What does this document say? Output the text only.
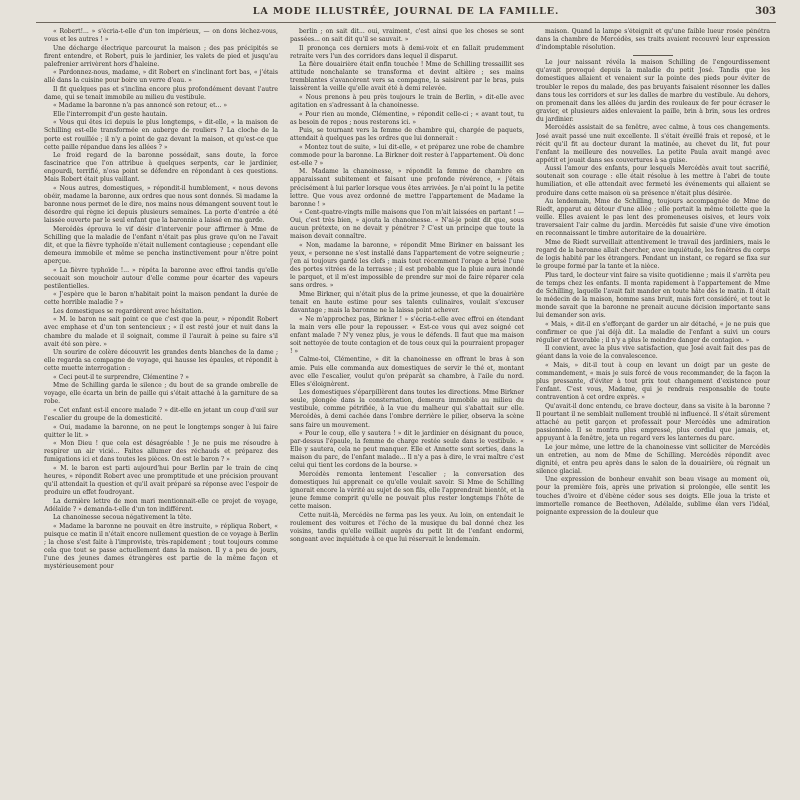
LA MODE ILLUSTRÉE, JOURNAL DE LA FAMILLE.	303

« Robert!... » s'écria-t-elle d'un ton impérieux, — on dons léchez-vous, vous et les autres ! »

Une décharge électrique parcourut la maison ; des pas précipités se firent entendre, et Robert, puis le jardinier, les valets de pied et jusqu'au palefrenier arrivèrent hors d'haleine.

« Pardonnez-nous, madame, » dit Robert en s'inclinant fort bas, « j'étais allé dans la cuisine pour boire un verre d'eau. »

Il fit quelques pas et s'inclina encore plus profondément devant l'autre dame, qui se tenait immobile au milieu du vestibule.

« Madame la baronne n'a pas annoncé son retour, et... »

Elle l'interrompit d'un geste hautain.

« Vous qui êtes ici depuis le plus longtemps, » dit-elle, « la maison de Schilling est-elle transformée en auberge de rouliers ? La cloche de la porte est rouillée ; il n'y a point de gaz devant la maison, et qu'est-ce que cette paille répandue dans les allées ? »

Le froid regard de la baronne possédait, sans doute, la force fascinatrice que l'on attribue à quelques serpents, car le jardinier, engourdi, terrifié, n'osa point se défendre en répondant à ces questions. Mais Robert était plus vaillant.

« Nous autres, domestiques, » répondit-il humblement, « nous devons obéir, madame la baronne, aux ordres que nous sont donnés. Si madame la baronne nous permet de le dire, nos mains nous démangent souvent tout le désordre qui règne ici depuis plusieurs semaines. La porte d'entrée a été laissée ouverte par le seul enfant que la baronnie a laissé en ma garde.

Mercédès éprouva le vif désir d'intervenir pour affirmer à Mme de Schilling que la maladie de l'enfant n'était pas plus grave qu'on ne l'avait dit, et que la fièvre typhoïde n'était nullement contagieuse ; cependant elle demeura immobile et même se pencha instinctivement pour n'être point aperçue.

« La fièvre typhoïde !... » répéta la baronne avec effroi tandis qu'elle secouait son mouchoir autour d'elle comme pour écarter des vapeurs pestilentielles.

« J'espère que le baron n'habitait point la maison pendant la durée de cette horrible maladie ? »

Les domestiques se regardèrent avec hésitation.

« M. le baron ne sait point ce que c'est que la peur, » répondit Robert avec emphase et d'un ton sentencieux ; « il est resté jour et nuit dans la chambre du malade et il soignait, comme il l'aurait à peine su faire s'il avait été son père. »

Un sourire de colère découvrit les grandes dents blanches de la dame ; elle regarda sa compagne de voyage, qui hausse les épaules, et répondit à cette muette interrogation :

« Ceci peut-il te surprendre, Clémentine ? »

Mme de Schilling garda le silence ; du bout de sa grande ombrelle de voyage, elle écarta un brin de paille qui s'était attaché à la garniture de sa robe.

« Cet enfant est-il encore malade ? » dit-elle en jetant un coup d'œil sur l'escalier du groupe de la domesticité.

« Oui, madame la baronne, on ne peut le longtemps songer à lui faire quitter le lit. »

« Mon Dieu ! que cela est désagréable ! Je ne puis me résoudre à respirer un air vicié... Faites allumer des réchauds et préparez des fumigations ici et dans toutes les pièces. On est le baron ? »

« M. le baron est parti aujourd'hui pour Berlin par le train de cinq heures, » répondit Robert avec une promptitude et une précision prouvant qu'il attendait la question et qu'il avait préparé sa réponse avec l'espoir de produire un effet foudroyant.

La dernière lettre de mon mari mentionnait-elle ce projet de voyage, Adélaïde ? » demanda-t-elle d'un ton indifférent.

La chanoinesse secoua négativement la tête.

« Madame la baronne ne pouvait en être instruite, » répliqua Robert, « puisque ce matin il n'était encore nullement question de ce voyage à Berlin ; la chose s'est faite à l'improviste, très-rapidement ; tout toujours comme cela que tout se passe actuellement dans la maison. Il y a peu de jours, l'une des jeunes dames étrangères est partie de la même façon et mystérieusement pour

berlin ; on sait dit... oui, vraiment, c'est ainsi que les choses se sont passées... on sait dit qu'il se sauvait. »

Il prononça ces derniers mots à demi-voix et en fallait prudemment retraite vers l'un des corridors dans lequel il disparut.

La fière douairière était enfin touchée ! Mme de Schilling tressaillit ses attitude nonchalante se transforma et devint altière ; ses mains tremblantes s'avancèrent vers sa compagne, la saisirent par le bras, puis laissèrent la veille qu'elle avait été à demi relevée.

« Nous prenons à peu près toujours le train de Berlin, » dit-elle avec agitation en s'adressant à la chanoinesse.

« Pour rien au monde, Clémentine, » répondit celle-ci ; « avant tout, tu as besoin de repos ; nous resterons ici. »

Puis, se tournant vers la femme de chambre qui, chargée de paquets, attendait à quelques pas les ordres que lui donnerait :

« Montez tout de suite, » lui dit-elle, « et préparez une robe de chambre commode pour la baronne. La Birkner doit rester à l'appartement. Où donc est-elle ? »

M. Madame la chanoinesse, » répondit la femme de chambre en apparaissant subitement et faisant une profonde révérence, « j'étais précisément à lui parler lorsque vous êtes arrivées. Je n'ai point lu la petite lettre. Que vous avez ordonné de mettre l'appartement de Madame la baronne ! »

« Cent-quatre-vingts mille maisons que l'on m'ait laissées en partant ! — Oui, c'est très bien, » ajouta la chanoinesse. « N'ai-je point dit que, sous aucun prétexte, on ne devait y pénétrer ? C'est un principe que toute la maison devait connaître.

« Non, madame la baronne, » répondit Mme Birkner en baissant les yeux, « personne ne s'est installé dans l'appartement de votre seigneurie ; j'en ai toujours gardé les clefs ; mais tout récemment l'orage a brisé l'une des portes vitrées de la terrasse ; il est probable que la pluie aura inondé le parquet, et il m'est impossible de prendre sur moi de faire réparer cela sans ordres. »

Mme Birkner, qui n'était plus de la prime jeunesse, et que la douairière tenait en haute estime pour ses talents culinaires, voulait s'excuser davantage ; mais la baronne ne la laissa point achever.

« Ne m'approchez pas, Birkner ! » s'écria-t-elle avec effroi en étendant la main vers elle pour la repousser. « Est-ce vous qui avez soigné cet enfant malade ? N'y venez plus, je vous le défends. Il faut que ma maison soit nettoyée de toute contagion et de tous ceux qui la pourraient propager ! »

Calme-toi, Clémentine, » dit la chanoinesse en offrant le bras à son amie. Puis elle commanda aux domestiques de servir le thé et, montant avec elle l'escalier, voulut qu'on préparât sa chambre, à l'aile du nord. Elles s'éloignèrent.

Les domestiques s'éparpillèrent dans toutes les directions. Mme Birkner seule, plongée dans la consternation, demeura immobile au milieu du vestibule, comme pétrifiée, à la vue du malheur qui s'abattait sur elle. Mercédès, à demi cachée dans l'ombre derrière le pilier, observa la scène sans faire un mouvement.

« Pour le coup, elle y sautera ! » dit le jardinier en désignant du pouce, par-dessus l'épaule, la femme de charge restée seule dans le vestibule. « Elle y sautera, cela ne peut manquer. Elle et Annette sont sorties, dans la maison du parc, de l'enfant malade... Il n'y a pas à dire, le vrai maître c'est celui qui tient les cordons de la bourse. »

Mercédès remonta lentement l'escalier ; la conversation des domestiques lui apprenait ce qu'elle voulait savoir. Si Mme de Schilling ignorait encore la vérité au sujet de son fils, elle l'apprendrait bientôt, et la jeune femme comprit qu'elle ne pouvait plus rester longtemps l'hôte de cette maison.

Cette nuit-là, Mercédès ne ferma pas les yeux. Au loin, on entendait le roulement des voitures et l'écho de la musique du bal donné chez les voisins, tandis qu'elle veillait auprès du petit lit de l'enfant endormi, songeant avec inquiétude à ce que lui réservait le lendemain.

maison. Quand la lampe s'éteignit et qu'une faible lueur rosée pénétra dans la chambre de Mercédès, ses traits avaient recouvré leur expression d'indomptable résolution.

Le jour naissant révéla la maison Schilling de l'engourdissement qu'avait provoqué depuis la maladie du petit José. Tandis que les domestiques allaient et venaient sur la pointe des pieds pour éviter de troubler le repos du malade, des pas bruyants faisaient résonner les dalles dans tous les corridors et sur les dalles de marbre du vestibule. Au dehors, on promenait dans les allées du jardin des rouleaux de fer pour écraser le gravier, et plusieurs aides enlevaient la paille, brin à brin, sous les ordres du jardinier.

Mercédès assistait de sa fenêtre, avec calme, à tous ces changements. José avait passé une nuit excellente. Il s'était éveillé frais et reposé, et le récit qu'il fit au docteur durant la matinée, au chevet du lit, fut pour l'enfant la meilleure des nouvelles. La petite Paula avait mangé avec appétit et jouait dans ses couvertures à sa guise.

Aussi l'amour des enfants, pour lesquels Mercédès avait tout sacrifié, soutenait son courage : elle était résolue à les mettre à l'abri de toute humiliation, et elle attendait avec fermeté les événements qui allaient se produire dans cette maison où sa présence n'était plus désirée.

Au lendemain, Mme de Schilling, toujours accompagnée de Mme de Riedt, apparut au détour d'une allée ; elle portait la même toilette que la veille. Elles avaient le pas lent des promeneuses oisives, et leurs voix traversaient l'air calme du jardin. Mercédès fut saisie d'une vive émotion en reconnaissant le timbre autoritaire de la douairière.

Mme de Riedt surveillait attentivement le travail des jardiniers, mais le regard de la baronne allait chercher, avec inquiétude, les fenêtres du corps de logis habité par les étrangers. Pendant un instant, ce regard se fixa sur le groupe formé par la tante et la nièce.

Plus tard, le docteur vint faire sa visite quotidienne ; mais il s'arrêta peu de temps chez les enfants. Il monta rapidement à l'appartement de Mme de Schilling, laquelle l'avait fait mander en toute hâte dès le matin. Il était le médecin de la maison, homme sans bruit, mais fort considéré, et tout le monde savait que la baronne ne prenait aucune décision importante sans lui demander son avis.

« Mais, » dit-il en s'efforçant de garder un air détaché, « je ne puis que confirmer ce que j'ai déjà dit. La maladie de l'enfant a suivi un cours régulier et favorable ; il n'y a plus le moindre danger de contagion. »

Il convient, avec la plus vive satisfaction, que José avait fait des pas de géant dans la voie de la convalescence.

« Mais, » dit-il tout à coup en levant un doigt par un geste de commandement, « mais je suis forcé de vous recommander, de la façon la plus pressante, d'éviter à tout prix tout changement d'existence pour l'enfant. C'est vous, Madame, qui je rendrais responsable de toute contravention à cet ordre exprès. »

Qu'avait-il donc entendu, ce brave docteur, dans sa visite à la baronne ? Il pourtant il ne semblait nullement troublé ni influencé. Il s'était sûrement attaché au petit garçon et professait pour Mercédès une admiration passionnée. Il se montra plus empressé, plus cordial que jamais, et, appuyant à la fenêtre, jeta un regard vers les lanternes du parc.

Le jour même, une lettre de la chanoinesse vint solliciter de Mercédès un entretien, au nom de Mme de Schilling. Mercédès répondit avec dignité, et entra peu après dans le salon de la douairière, où régnait un silence glacial.

Une expression de bonheur envahit son beau visage au moment où, pour la première fois, après une privation si prolongée, elle sentit les touches d'ivoire et d'ébène céder sous ses doigts. Elle joua la triste et immortelle romance de Beethoven, Adélaïde, sublime élan vers l'idéal, poignante expression de la douleur que
